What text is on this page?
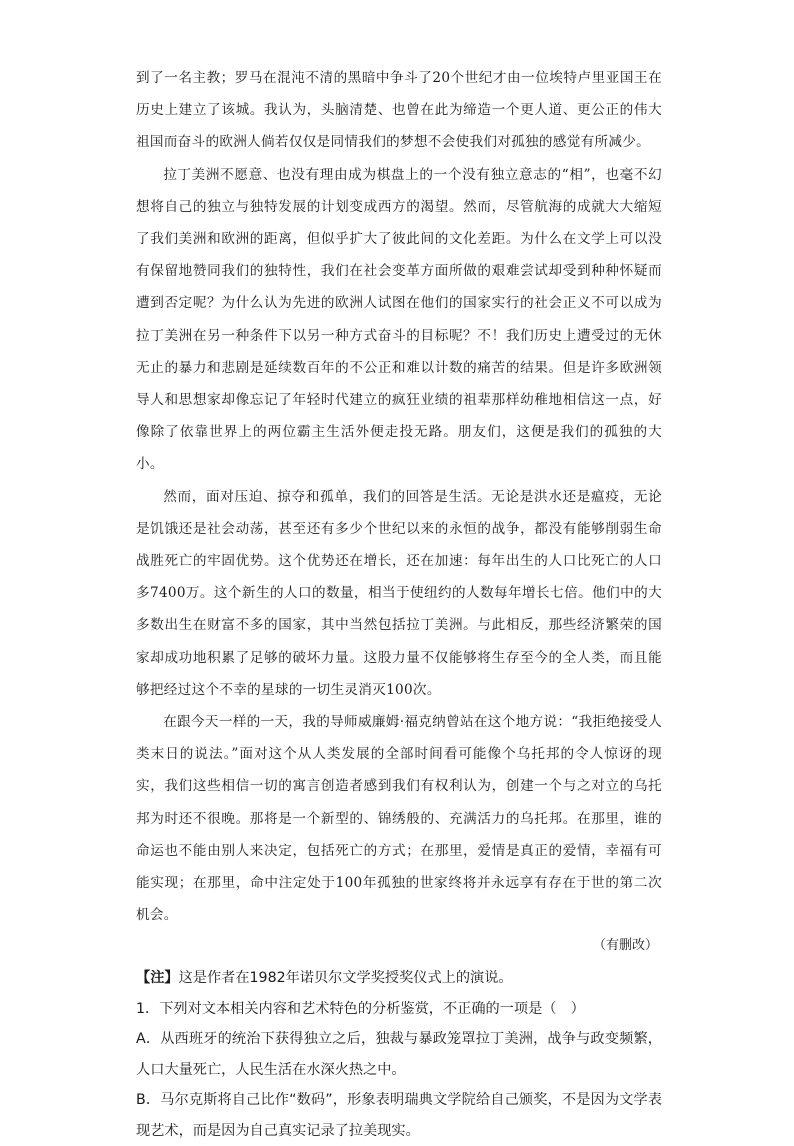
到了一名主教；罗马在混沌不清的黑暗中争斗了20个世纪才由一位埃特卢里亚国王在历史上建立了该城。我认为，头脑清楚、也曾在此为缔造一个更人道、更公正的伟大祖国而奋斗的欧洲人倘若仅仅是同情我们的梦想不会使我们对孤独的感觉有所减少。

拉丁美洲不愿意、也没有理由成为棋盘上的一个没有独立意志的“相”，也毫不幻想将自己的独立与独特发展的计划变成西方的渴望。然而，尽管航海的成就大大缩短了我们美洲和欧洲的距离，但似乎扩大了彼此间的文化差距。为什么在文学上可以没有保留地赞同我们的独特性，我们在社会变革方面所做的艰难尝试却受到种种怀疑而遭到否定呢？为什么认为先进的欧洲人试图在他们的国家实行的社会正义不可以成为拉丁美洲在另一种条件下以另一种方式奋斗的目标呢？不！我们历史上遭受过的无休无止的暴力和悲剧是延续数百年的不公正和难以计数的痛苦的结果。但是许多欧洲领导人和思想家却像忘记了年轻时代建立的疯狂业绩的祖辈那样幼稚地相信这一点，好像除了依靠世界上的两位霸主生活外便走投无路。朋友们，这便是我们的孤独的大小。

然而，面对压迫、掠夺和孤单，我们的回答是生活。无论是洪水还是瘟疫，无论是饥饿还是社会动荡，甚至还有多少个世纪以来的永恒的战争，都没有能够削弱生命战胜死亡的牢固优势。这个优势还在增长，还在加速：每年出生的人口比死亡的人口多7400万。这个新生的人口的数量，相当于使纽约的人数每年增长七倍。他们中的大多数出生在财富不多的国家，其中当然包括拉丁美洲。与此相反，那些经济繁荣的国家却成功地积累了足够的破坏力量。这股力量不仅能够将生存至今的全人类，而且能够把经过这个不幸的星球的一切生灵消灭100次。

在跟今天一样的一天，我的导师威廉姆·福克纳曾站在这个地方说：“我拒绝接受人类末日的说法。”面对这个从人类发展的全部时间看可能像个乌托邦的令人惊讶的现实，我们这些相信一切的寓言创造者感到我们有权利认为，创建一个与之对立的乌托邦为时还不很晚。那将是一个新型的、锦绣般的、充满活力的乌托邦。在那里，谁的命运也不能由别人来决定，包括死亡的方式；在那里，爱情是真正的爱情，幸福有可能实现；在那里，命中注定处于100年孤独的世家终将并永远享有存在于世的第二次机会。

（有删改）

【注】这是作者在1982年诺贝尔文学奖授奖仪式上的演说。

1．下列对文本相关内容和艺术特色的分析鉴赏，不正确的一项是（　）

A．从西班牙的统治下获得独立之后，独裁与暴政笼罩拉丁美洲，战争与政变频繁，人口大量死亡，人民生活在水深火热之中。

B．马尔克斯将自己比作“数码”，形象表明瑞典文学院给自己颁奖，不是因为文学表现艺术，而是因为自己真实记录了拉美现实。
